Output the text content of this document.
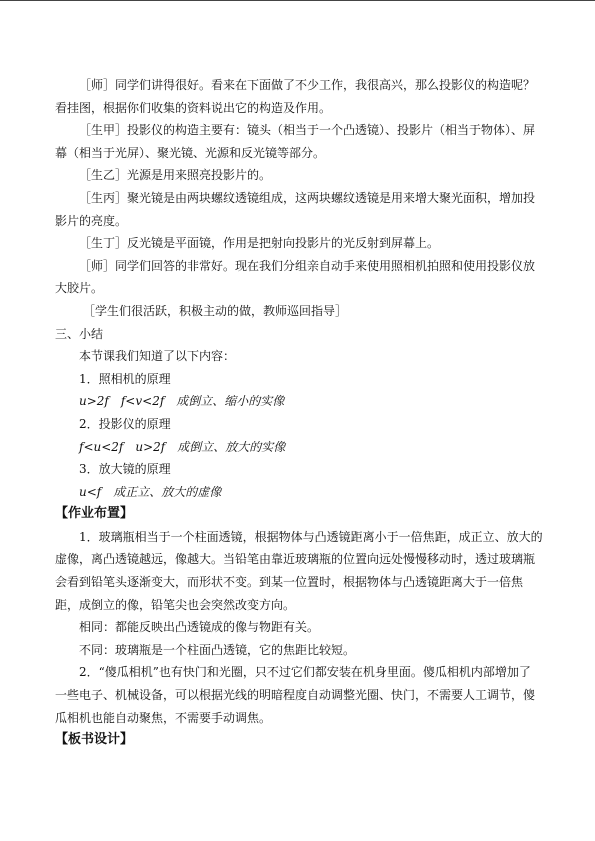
［师］同学们讲得很好。看来在下面做了不少工作，我很高兴，那么投影仪的构造呢？
看挂图，根据你们收集的资料说出它的构造及作用。
［生甲］投影仪的构造主要有：镜头（相当于一个凸透镜）、投影片（相当于物体）、屏
幕（相当于光屏）、聚光镜、光源和反光镜等部分。
［生乙］光源是用来照亮投影片的。
［生丙］聚光镜是由两块螺纹透镜组成，这两块螺纹透镜是用来增大聚光面积，增加投
影片的亮度。
［生丁］反光镜是平面镜，作用是把射向投影片的光反射到屏幕上。
［师］同学们回答的非常好。现在我们分组亲自动手来使用照相机拍照和使用投影仪放
大胶片。
［学生们很活跃，积极主动的做，教师巡回指导］
三、小结
本节课我们知道了以下内容：
1．照相机的原理
u>2f　f<v<2f　成倒立、缩小的实像
2．投影仪的原理
f<u<2f　u>2f　成倒立、放大的实像
3．放大镜的原理
u<f　成正立、放大的虚像
【作业布置】
1．玻璃瓶相当于一个柱面透镜，根据物体与凸透镜距离小于一倍焦距，成正立、放大的
虚像，离凸透镜越远，像越大。当铅笔由靠近玻璃瓶的位置向远处慢慢移动时，透过玻璃瓶
会看到铅笔头逐渐变大，而形状不变。到某一位置时，根据物体与凸透镜距离大于一倍焦
距，成倒立的像，铅笔尖也会突然改变方向。
相同：都能反映出凸透镜成的像与物距有关。
不同：玻璃瓶是一个柱面凸透镜，它的焦距比较短。
2．“傻瓜相机”也有快门和光圈，只不过它们都安装在机身里面。傻瓜相机内部增加了
一些电子、机械设备，可以根据光线的明暗程度自动调整光圈、快门，不需要人工调节，傻
瓜相机也能自动聚焦，不需要手动调焦。
【板书设计】
